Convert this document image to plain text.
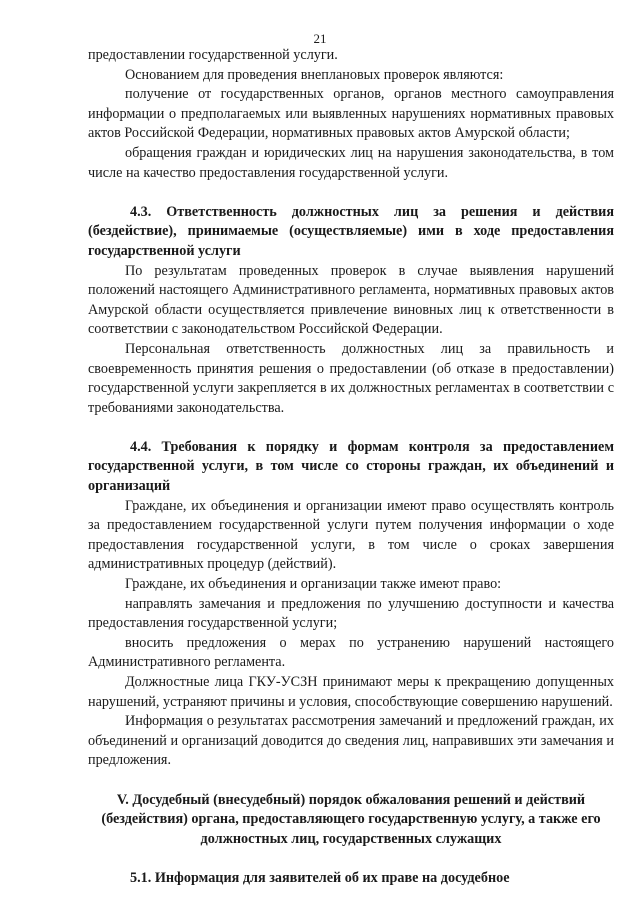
21

предоставлении государственной услуги.

Основанием для проведения внеплановых проверок являются:

получение от государственных органов, органов местного самоуправления информации о предполагаемых или выявленных нарушениях нормативных правовых актов Российской Федерации, нормативных правовых актов Амурской области;

обращения граждан и юридических лиц на нарушения законодательства, в том числе на качество предоставления государственной услуги.

4.3. Ответственность должностных лиц за решения и действия (бездействие), принимаемые (осуществляемые) ими в ходе предоставления государственной услуги

По результатам проведенных проверок в случае выявления нарушений положений настоящего Административного регламента, нормативных правовых актов Амурской области осуществляется привлечение виновных лиц к ответственности в соответствии с законодательством Российской Федерации.

Персональная ответственность должностных лиц за правильность и своевременность принятия решения о предоставлении (об отказе в предоставлении) государственной услуги закрепляется в их должностных регламентах в соответствии с требованиями законодательства.

4.4. Требования к порядку и формам контроля за предоставлением государственной услуги, в том числе со стороны граждан, их объединений и организаций

Граждане, их объединения и организации имеют право осуществлять контроль за предоставлением государственной услуги путем получения информации о ходе предоставления государственной услуги, в том числе о сроках завершения административных процедур (действий).

Граждане, их объединения и организации также имеют право:

направлять замечания и предложения по улучшению доступности и качества предоставления государственной услуги;

вносить предложения о мерах по устранению нарушений настоящего Административного регламента.

Должностные лица ГКУ-УСЗН принимают меры к прекращению допущенных нарушений, устраняют причины и условия, способствующие совершению нарушений.

Информация о результатах рассмотрения замечаний и предложений граждан, их объединений и организаций доводится до сведения лиц, направивших эти замечания и предложения.

V. Досудебный (внесудебный) порядок обжалования решений и действий (бездействия) органа, предоставляющего государственную услугу, а также его должностных лиц, государственных служащих

5.1. Информация для заявителей об их праве на досудебное
